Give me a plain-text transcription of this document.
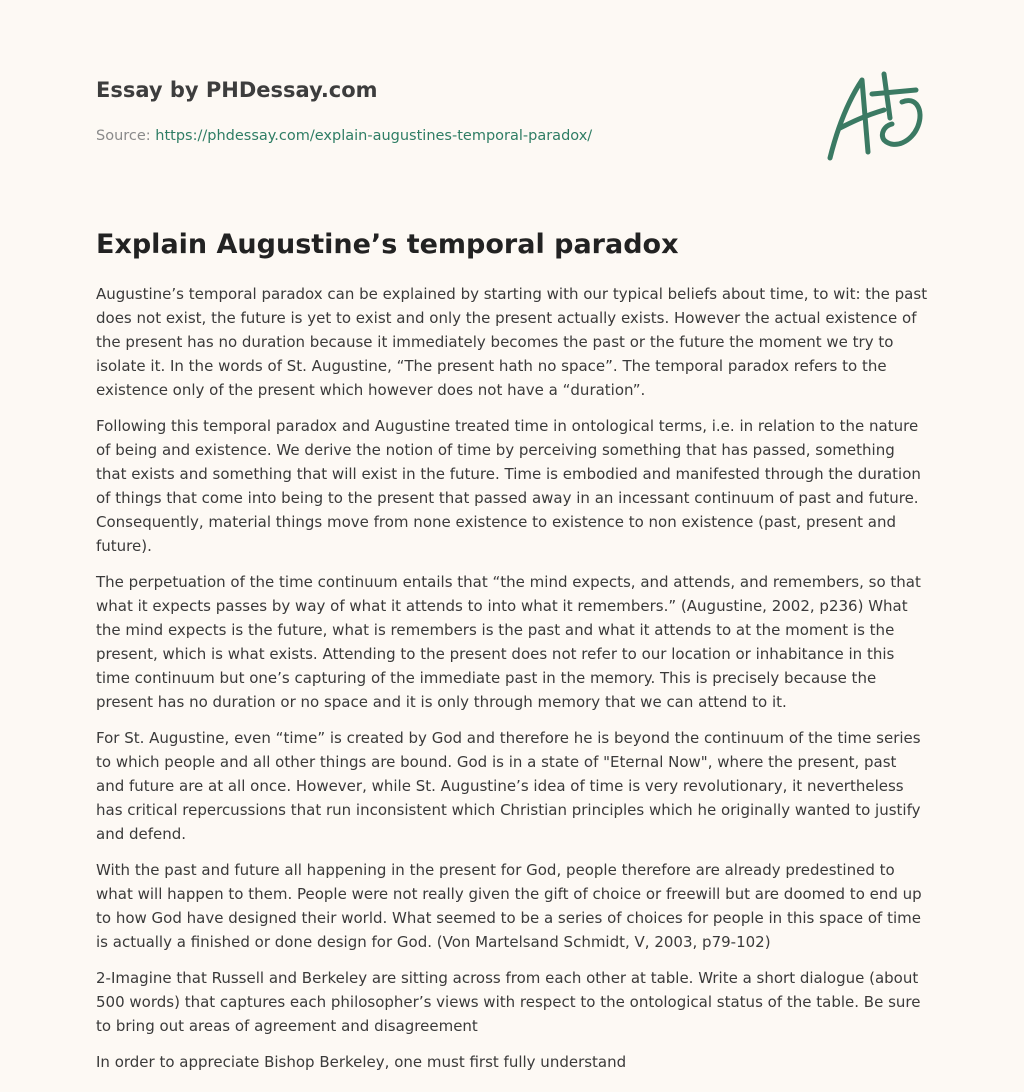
Essay by PHDessay.com
Source: https://phdessay.com/explain-augustines-temporal-paradox/
Explain Augustine’s temporal paradox

Augustine’s temporal paradox can be explained by starting with our typical beliefs about time, to wit: the past does not exist, the future is yet to exist and only the present actually exists. However the actual existence of the present has no duration because it immediately becomes the past or the future the moment we try to isolate it. In the words of St. Augustine, “The present hath no space”. The temporal paradox refers to the existence only of the present which however does not have a “duration”.

Following this temporal paradox and Augustine treated time in ontological terms, i.e. in relation to the nature of being and existence. We derive the notion of time by perceiving something that has passed, something that exists and something that will exist in the future. Time is embodied and manifested through the duration of things that come into being to the present that passed away in an incessant continuum of past and future. Consequently, material things move from none existence to existence to non existence (past, present and future).

The perpetuation of the time continuum entails that “the mind expects, and attends, and remembers, so that what it expects passes by way of what it attends to into what it remembers.” (Augustine, 2002, p236) What the mind expects is the future, what is remembers is the past and what it attends to at the moment is the present, which is what exists. Attending to the present does not refer to our location or inhabitance in this time continuum but one’s capturing of the immediate past in the memory. This is precisely because the present has no duration or no space and it is only through memory that we can attend to it.

For St. Augustine, even “time” is created by God and therefore he is beyond the continuum of the time series to which people and all other things are bound. God is in a state of "Eternal Now", where the present, past and future are at all once. However, while St. Augustine’s idea of time is very revolutionary, it nevertheless has critical repercussions that run inconsistent which Christian principles which he originally wanted to justify and defend.

With the past and future all happening in the present for God, people therefore are already predestined to what will happen to them. People were not really given the gift of choice or freewill but are doomed to end up to how God have designed their world. What seemed to be a series of choices for people in this space of time is actually a finished or done design for God. (Von Martelsand Schmidt, V, 2003, p79-102)

2-Imagine that Russell and Berkeley are sitting across from each other at table. Write a short dialogue (about 500 words) that captures each philosopher’s views with respect to the ontological status of the table. Be sure to bring out areas of agreement and disagreement

In order to appreciate Bishop Berkeley, one must first fully understand
